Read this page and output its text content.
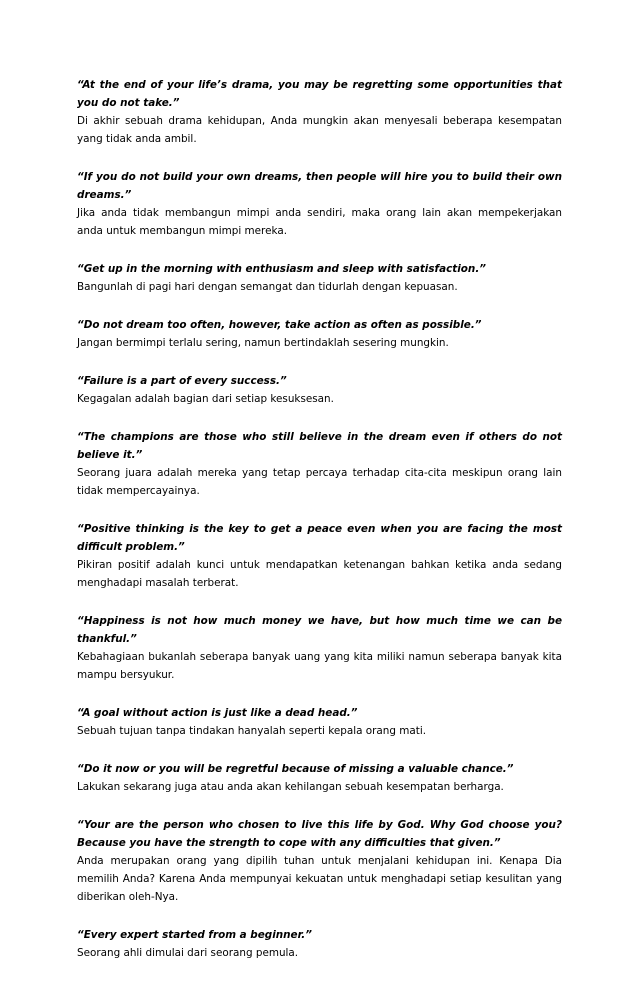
“At the end of your life’s drama, you may be regretting some opportunities that you do not take.”

Di akhir sebuah drama kehidupan, Anda mungkin akan menyesali beberapa kesempatan yang tidak anda ambil.

“If you do not build your own dreams, then people will hire you to build their own dreams.”

Jika anda tidak membangun mimpi anda sendiri, maka orang lain akan mempekerjakan anda untuk membangun mimpi mereka.

“Get up in the morning with enthusiasm and sleep with satisfaction.”

Bangunlah di pagi hari dengan semangat dan tidurlah dengan kepuasan.

“Do not dream too often, however, take action as often as possible.”

Jangan bermimpi terlalu sering, namun bertindaklah sesering mungkin.

“Failure is a part of every success.”

Kegagalan adalah bagian dari setiap kesuksesan.

“The champions are those who still believe in the dream even if others do not believe it.”

Seorang juara adalah mereka yang tetap percaya terhadap cita-cita meskipun orang lain tidak mempercayainya.

“Positive thinking is the key to get a peace even when you are facing the most difficult problem.”

Pikiran positif adalah kunci untuk mendapatkan ketenangan bahkan ketika anda sedang menghadapi masalah terberat.

“Happiness is not how much money we have, but how much time we can be thankful.”

Kebahagiaan bukanlah seberapa banyak uang yang kita miliki namun seberapa banyak kita mampu bersyukur.

“A goal without action is just like a dead head.”

Sebuah tujuan tanpa tindakan hanyalah seperti kepala orang mati.

“Do it now or you will be regretful because of missing a valuable chance.”

Lakukan sekarang juga atau anda akan kehilangan sebuah kesempatan berharga.

“Your are the person who chosen to live this life by God. Why God choose you? Because you have the strength to cope with any difficulties that given.”

Anda merupakan orang yang dipilih tuhan untuk menjalani kehidupan ini. Kenapa Dia memilih Anda? Karena Anda mempunyai kekuatan untuk menghadapi setiap kesulitan yang diberikan oleh-Nya.

“Every expert started from a beginner.”

Seorang ahli dimulai dari seorang pemula.
